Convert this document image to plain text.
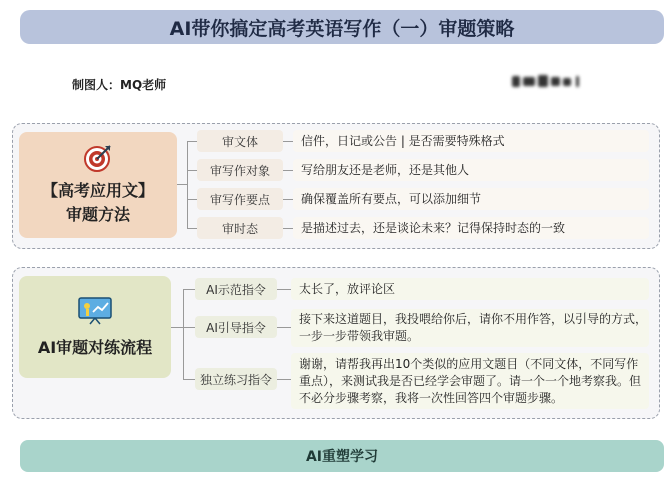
AI带你搞定高考英语写作（一）审题策略
制图人：MQ老师
【高考应用文】
审题方法
审文体
审写作对象
审写作要点
审时态
信件，日记或公告 | 是否需要特殊格式
写给朋友还是老师，还是其他人
确保覆盖所有要点，可以添加细节
是描述过去，还是谈论未来？记得保持时态的一致
AI审题对练流程
AI示范指令
AI引导指令
独立练习指令
太长了，放评论区
接下来这道题目，我投喂给你后，请你不用作答，以引导的方式，一步一步带领我审题。
谢谢，请帮我再出10个类似的应用文题目（不同文体，不同写作重点），来测试我是否已经学会审题了。请一个一个地考察我。但不必分步骤考察，我将一次性回答四个审题步骤。
AI重塑学习
